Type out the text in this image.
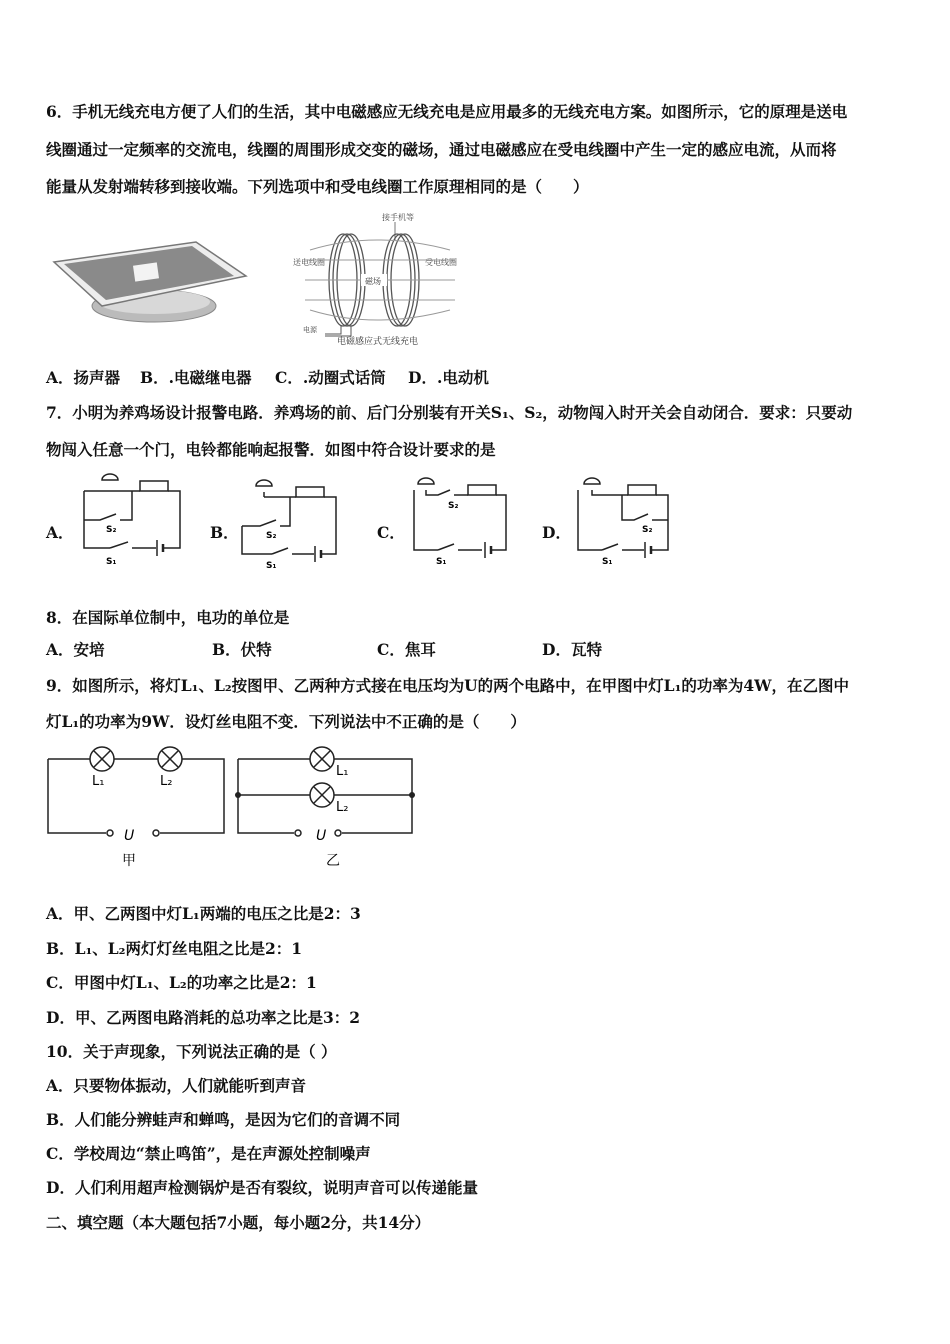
6．手机无线充电方便了人们的生活，其中电磁感应无线充电是应用最多的无线充电方案。如图所示，它的原理是送电
线圈通过一定频率的交流电，线圈的周围形成交变的磁场，通过电磁感应在受电线圈中产生一定的感应电流，从而将
能量从发射端转移到接收端。下列选项中和受电线圈工作原理相同的是（　　）
接手机等
送电线圈	受电线圈
磁场
电源
电磁感应式无线充电
A．扬声器 B．.电磁继电器 C．.动圈式话筒 D．.电动机
7．小明为养鸡场设计报警电路．养鸡场的前、后门分别装有开关S₁、S₂，动物闯入时开关会自动闭合．要求：只要动
物闯入任意一个门，电铃都能响起报警．如图中符合设计要求的是
A．	B．	C．	D．
S₂
S₁
S₂
S₁
S₂
S₁
S₂
S₁
8．在国际单位制中，电功的单位是
A．安培	B．伏特	C．焦耳	D．瓦特
9．如图所示，将灯L₁、L₂按图甲、乙两种方式接在电压均为U的两个电路中，在甲图中灯L₁的功率为4W，在乙图中
灯L₁的功率为9W．设灯丝电阻不变．下列说法中不正确的是（　　）
L₁	L₂
U
甲
L₁
L₂
U
乙
A．甲、乙两图中灯L₁两端的电压之比是2：3
B．L₁、L₂两灯灯丝电阻之比是2：1
C．甲图中灯L₁、L₂的功率之比是2：1
D．甲、乙两图电路消耗的总功率之比是3：2
10．关于声现象，下列说法正确的是（ ）
A．只要物体振动，人们就能听到声音
B．人们能分辨蛙声和蝉鸣，是因为它们的音调不同
C．学校周边“禁止鸣笛”，是在声源处控制噪声
D．人们利用超声检测锅炉是否有裂纹，说明声音可以传递能量
二、填空题（本大题包括7小题，每小题2分，共14分）
